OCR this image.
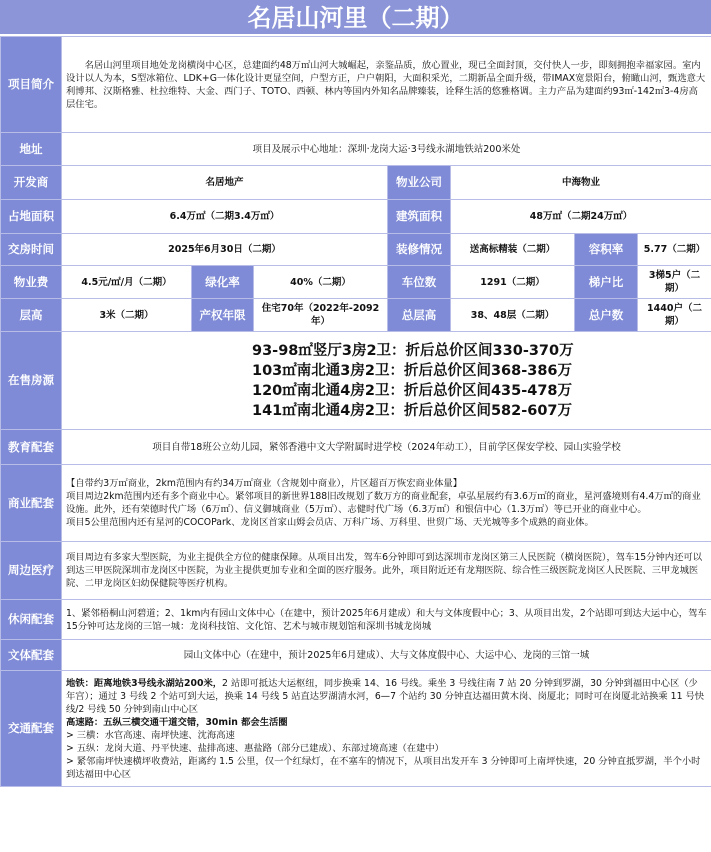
名居山河里（二期）
项目简介	名居山河里项目地处龙岗横岗中心区，总建面约48万㎡山河大城崛起，亲鉴品质，放心置业，现已全面封顶，交付快人一步，即刻拥抱幸福家园。室内设计以人为本，S型冰箱位、LDK+G一体化设计更显空间，户型方正，户户朝阳，大面积采光，二期新品全面升级，带IMAX宽景阳台，俯瞰山河，甄选意大利博邦、汉斯格雅、杜拉维特、大金、西门子、TOTO、西顿、林内等国内外知名品牌臻装，诠释生活的悠雅格调。主力产品为建面约93㎡-142㎡3-4房高层住宅。						
地址	项目及展示中心地址：深圳·龙岗大运·3号线永湖地铁站200米处						
开发商	名居地产			物业公司	中海物业		
占地面积	6.4万㎡（二期3.4万㎡）			建筑面积	48万㎡（二期24万㎡）		
交房时间	2025年6月30日（二期）			装修情况	送高标精装（二期）	容积率	5.77（二期）
物业费	4.5元/㎡/月（二期）	绿化率	40%（二期）	车位数	1291（二期）	梯户比	3梯5户（二期）
层高	3米（二期）	产权年限	住宅70年（2022年-2092年）	总层高	38、48层（二期）	总户数	1440户（二期）
在售房源	93-98㎡竖厅3房2卫：折后总价区间330-370万
103㎡南北通3房2卫：折后总价区间368-386万
120㎡南北通4房2卫：折后总价区间435-478万
141㎡南北通4房2卫：折后总价区间582-607万						

教育配套	项目自带18班公立幼儿园，紧邻香港中文大学附属时进学校（2024年动工），目前学区保安学校、园山实验学校						
商业配套	【自带约3万㎡商业，2km范围内有约34万㎡商业（含规划中商业），片区超百万恢宏商业体量】
项目周边2km范围内还有多个商业中心。紧邻项目的新世界188旧改规划了数万方的商业配套，卓弘星展约有3.6万㎡的商业，星河盛境则有4.4万㎡的商业设施。此外，还有荣德时代广场（6万㎡）、信义御城商业（5万㎡）、志健时代广场（6.3万㎡）和银信中心（1.3万㎡）等已开业的商业中心。
项目5公里范围内还有星河的COCOPark、龙岗区首家山姆会员店、万科广场、万科里、世贸广场、天光城等多个成熟的商业体。						

周边医疗	项目周边有多家大型医院，为业主提供全方位的健康保障。从项目出发，驾车6分钟即可到达深圳市龙岗区第三人民医院（横岗医院），驾车15分钟内还可以到达三甲医院深圳市龙岗区中医院，为业主提供更加专业和全面的医疗服务。此外，项目附近还有龙翔医院、综合性三级医院龙岗区人民医院、三甲龙城医院、二甲龙岗区妇幼保健院等医疗机构。						
休闲配套	1、紧邻梧桐山河碧道；2、1km内有园山文体中心（在建中，预计2025年6月建成）和大与文体度假中心；3、从项目出发，2个站即可到达大运中心，驾车15分钟可达龙岗的三馆一城：龙岗科技馆、文化馆、艺术与城市规划馆和深圳书城龙岗城						
文体配套	园山文体中心（在建中，预计2025年6月建成）、大与文体度假中心、大运中心、龙岗的三馆一城						
交通配套	地铁：距离地铁3号线永湖站200米，2 站即可抵达大运枢纽，同步换乘 14、16 号线。乘坐 3 号线往南 7 站 20 分钟到罗湖，30 分钟到福田中心区（少年宫）；通过 3 号线 2 个站可到大运，换乘 14 号线 5 站直达罗湖清水河，6—7 个站约 30 分钟直达福田黄木岗、岗厦北；同时可在岗厦北站换乘 11 号快线/2 号线 50 分钟到南山中心区
高速路：五纵三横交通干道交错，30min 都会生活圈
> 三横：水官高速、南坪快速、沈海高速
> 五纵：龙岗大道、丹平快速、盐排高速、惠盐路（部分已建成）、东部过境高速（在建中）
> 紧邻南坪快速横坪收费站，距离约 1.5 公里，仅一个红绿灯，在不塞车的情况下，从项目出发开车 3 分钟即可上南坪快速，20 分钟直抵罗湖，半个小时到达福田中心区						
